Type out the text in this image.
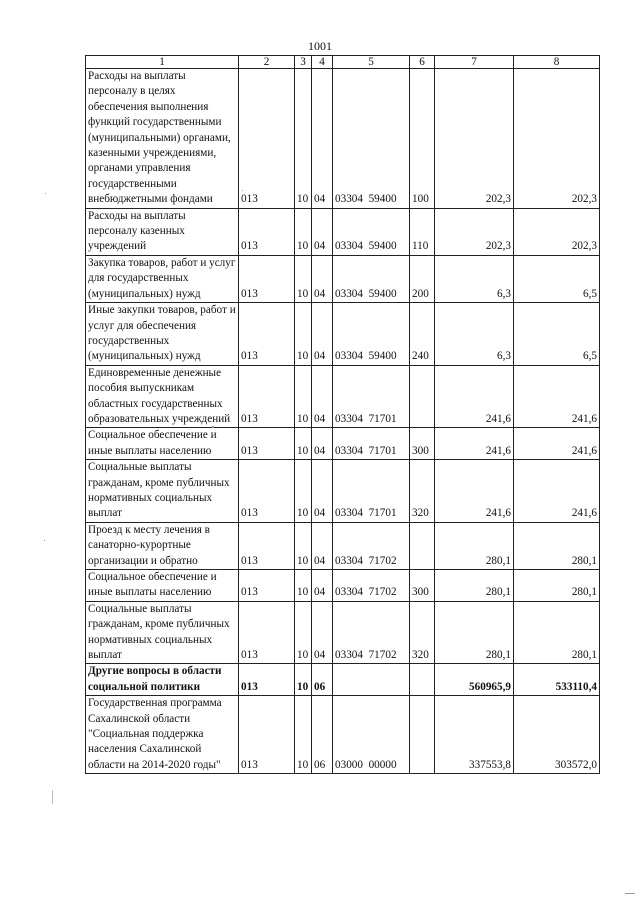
1001
1	2	3	4	5	6	7	8
Расходы на выплаты персоналу в целях обеспечения выполнения функций государственными (муниципальными) органами, казенными учреждениями, органами управления государственными внебюджетными фондами	013	10	04	03304  59400	100	202,3	202,3
Расходы на выплаты персоналу казенных учреждений	013	10	04	03304  59400	110	202,3	202,3
Закупка товаров, работ и услуг для государственных (муниципальных) нужд	013	10	04	03304  59400	200	6,3	6,5
Иные закупки товаров, работ и услуг для обеспечения государственных (муниципальных) нужд	013	10	04	03304  59400	240	6,3	6,5
Единовременные денежные пособия выпускникам областных государственных образовательных учреждений	013	10	04	03304  71701		241,6	241,6
Социальное обеспечение и иные выплаты населению	013	10	04	03304  71701	300	241,6	241,6
Социальные выплаты гражданам, кроме публичных нормативных социальных выплат	013	10	04	03304  71701	320	241,6	241,6
Проезд к месту лечения в санаторно-курортные организации и обратно	013	10	04	03304  71702		280,1	280,1
Социальное обеспечение и иные выплаты населению	013	10	04	03304  71702	300	280,1	280,1
Социальные выплаты гражданам, кроме публичных нормативных социальных выплат	013	10	04	03304  71702	320	280,1	280,1
Другие вопросы в области социальной политики	013	10	06			560965,9	533110,4
Государственная программа Сахалинской области "Социальная поддержка населения Сахалинской области на 2014-2020 годы"	013	10	06	03000  00000		337553,8	303572,0
